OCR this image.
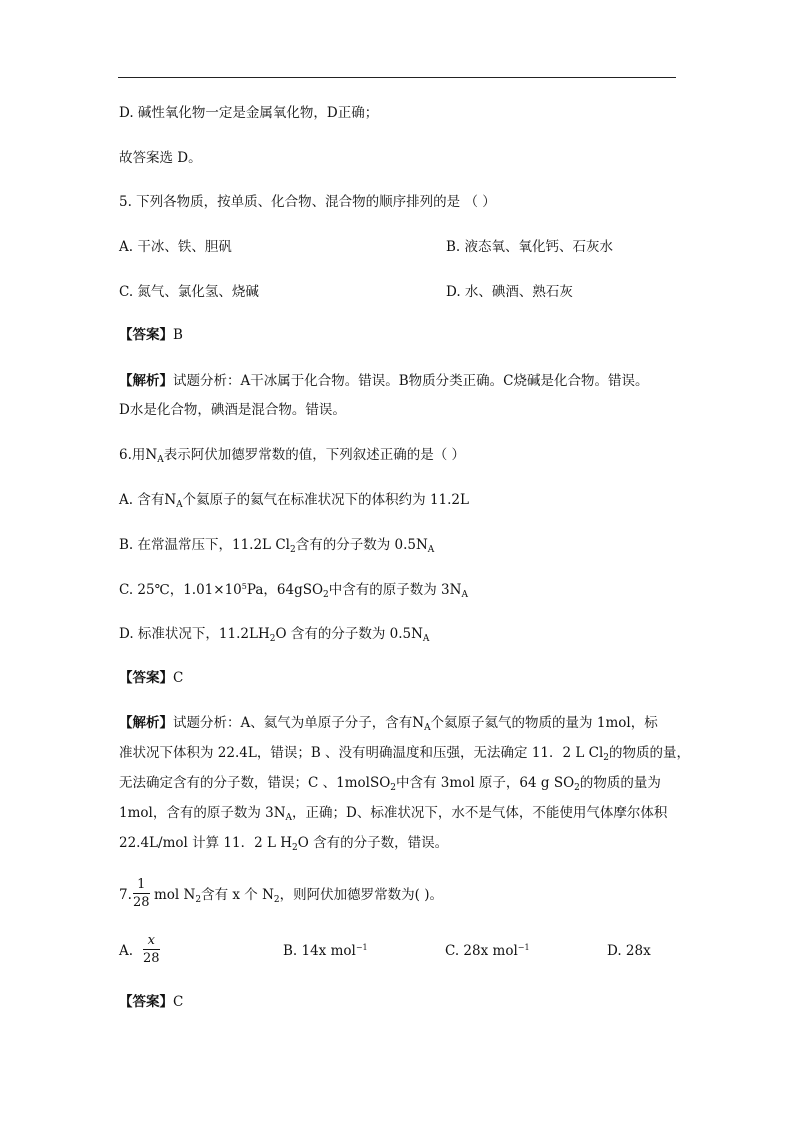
D. 碱性氧化物一定是金属氧化物，D正确；
故答案选 D。
5. 下列各物质，按单质、化合物、混合物的顺序排列的是 （ ）
A. 干冰、铁、胆矾	B. 液态氧、氧化钙、石灰水
C. 氮气、氯化氢、烧碱	D. 水、碘酒、熟石灰
【答案】B
【解析】试题分析：A干冰属于化合物。错误。B物质分类正确。C烧碱是化合物。错误。
D水是化合物，碘酒是混合物。错误。
6.用$N_A$表示阿伏加德罗常数的值，下列叙述正确的是（ ）
A. 含有$N_A$个氦原子的氦气在标准状况下的体积约为 11.2L
B. 在常温常压下，11.2L $Cl_2$含有的分子数为 $0.5N_A$
C. 25℃，$1.01\times 10^5Pa$，64gSO$_2$中含有的原子数为 $3N_A$
D. 标准状况下，$11.2LH_2O$ 含有的分子数为 $0.5N_A$
【答案】C
【解析】试题分析：A、氦气为单原子分子，含有$N_A$个氦原子氦气的物质的量为 1mol，标
准状况下体积为 22.4L，错误；B 、没有明确温度和压强，无法确定 11．2 L $Cl_2$的物质的量，
无法确定含有的分子数，错误；C 、1molSO$_2$中含有 3mol 原子，64 g $SO_2$的物质的量为
1mol，含有的原子数为 $3N_A$，正确；D、标准状况下，水不是气体，不能使用气体摩尔体积
22.4L/mol 计算 11．2 L $H_2O$ 含有的分子数，错误。
7.
1
28 mol $N_2$含有 x 个 $N_2$，则阿伏加德罗常数为( )。
A.
x
28	B. 14x mol$^{-1}$	C. 28x mol$^{-1}$	D. 28x
【答案】C
